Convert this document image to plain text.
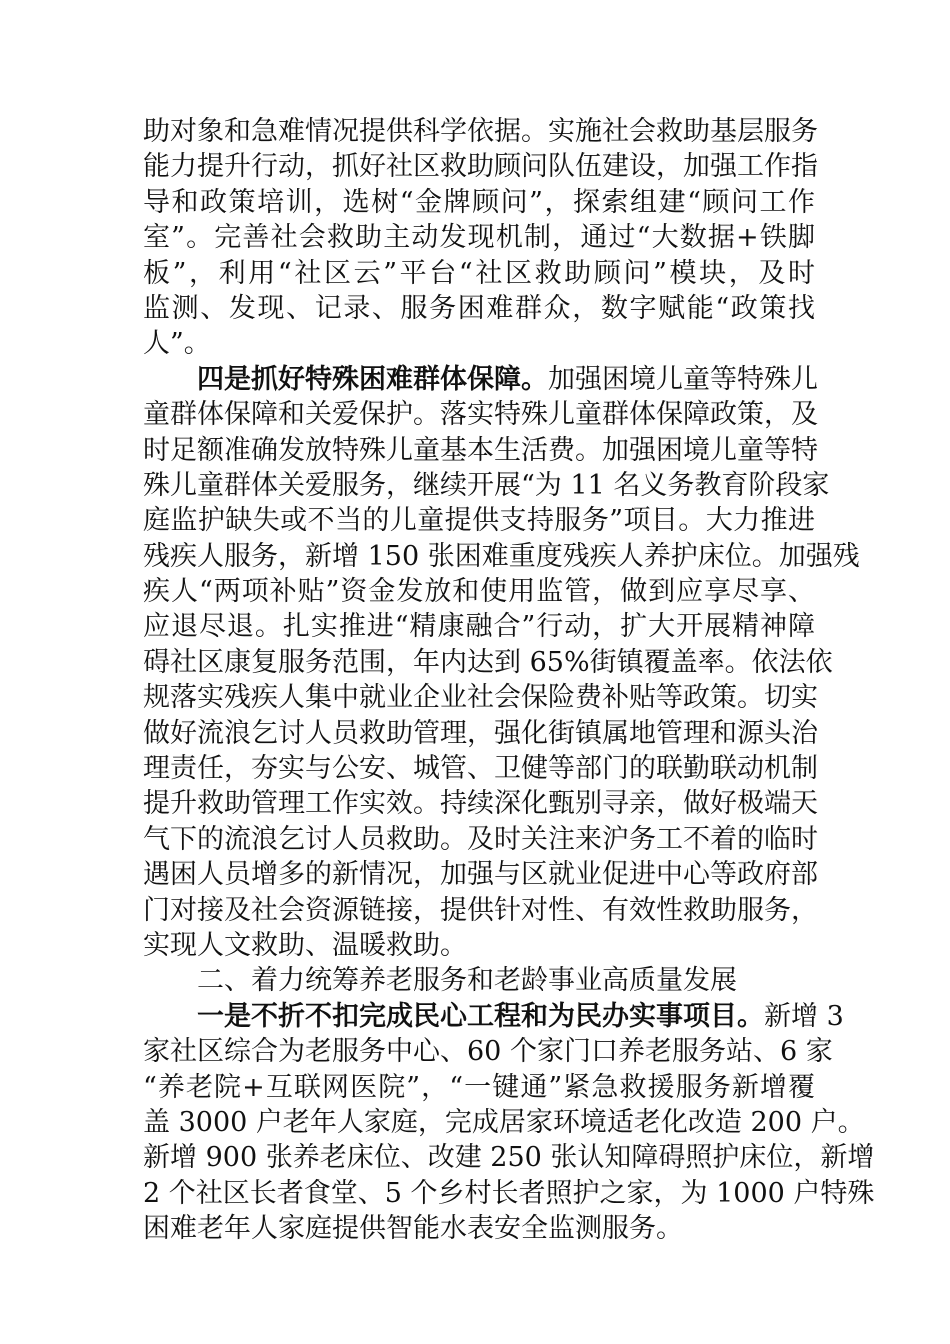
助对象和急难情况提供科学依据。实施社会救助基层服务
能力提升行动，抓好社区救助顾问队伍建设，加强工作指
导和政策培训，选树“金牌顾问”，探索组建“顾问工作
室”。完善社会救助主动发现机制，通过“大数据+铁脚
板”，利用“社区云”平台“社区救助顾问”模块，及时
监测、发现、记录、服务困难群众，数字赋能“政策找
人”。
四是抓好特殊困难群体保障。加强困境儿童等特殊儿
童群体保障和关爱保护。落实特殊儿童群体保障政策，及
时足额准确发放特殊儿童基本生活费。加强困境儿童等特
殊儿童群体关爱服务，继续开展“为 11 名义务教育阶段家
庭监护缺失或不当的儿童提供支持服务”项目。大力推进
残疾人服务，新增 150 张困难重度残疾人养护床位。加强残
疾人“两项补贴”资金发放和使用监管，做到应享尽享、
应退尽退。扎实推进“精康融合”行动，扩大开展精神障
碍社区康复服务范围，年内达到 65%街镇覆盖率。依法依
规落实残疾人集中就业企业社会保险费补贴等政策。切实
做好流浪乞讨人员救助管理，强化街镇属地管理和源头治
理责任，夯实与公安、城管、卫健等部门的联勤联动机制
提升救助管理工作实效。持续深化甄别寻亲，做好极端天
气下的流浪乞讨人员救助。及时关注来沪务工不着的临时
遇困人员增多的新情况，加强与区就业促进中心等政府部
门对接及社会资源链接，提供针对性、有效性救助服务，
实现人文救助、温暖救助。
二、着力统筹养老服务和老龄事业高质量发展
一是不折不扣完成民心工程和为民办实事项目。新增 3
家社区综合为老服务中心、60 个家门口养老服务站、6 家
“养老院+互联网医院”，“一键通”紧急救援服务新增覆
盖 3000 户老年人家庭，完成居家环境适老化改造 200 户。
新增 900 张养老床位、改建 250 张认知障碍照护床位，新增
2 个社区长者食堂、5 个乡村长者照护之家，为 1000 户特殊
困难老年人家庭提供智能水表安全监测服务。
